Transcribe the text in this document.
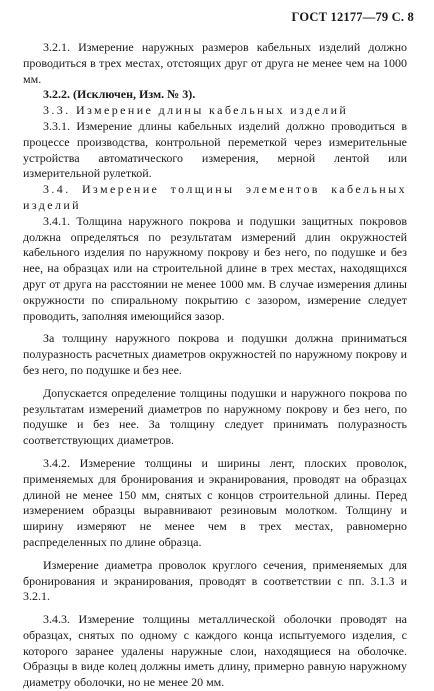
ГОСТ 12177—79 С. 8

3.2.1. Измерение наружных размеров кабельных изделий должно проводиться в трех местах, отстоящих друг от друга не менее чем на 1000 мм.

3.2.2. (Исключен, Изм. № 3).

3.3. Измерение длины кабельных изделий

3.3.1. Измерение длины кабельных изделий должно проводиться в процессе производства, контрольной переметкой через измерительные устройства автоматического измерения, мерной лентой или измерительной рулеткой.

3.4. Измерение толщины элементов кабельных изделий

3.4.1. Толщина наружного покрова и подушки защитных покровов должна определяться по результатам измерений длин окружностей кабельного изделия по наружному покрову и без него, по подушке и без нее, на образцах или на строительной длине в трех местах, находящихся друг от друга на расстоянии не менее 1000 мм. В случае измерения длины окружности по спиральному покрытию с зазором, измерение следует проводить, заполняя имеющийся зазор.

За толщину наружного покрова и подушки должна приниматься полуразность расчетных диаметров окружностей по наружному покрову и без него, по подушке и без нее.

Допускается определение толщины подушки и наружного покрова по результатам измерений диаметров по наружному покрову и без него, по подушке и без нее. За толщину следует принимать полуразность соответствующих диаметров.

3.4.2. Измерение толщины и ширины лент, плоских проволок, применяемых для бронирования и экранирования, проводят на образцах длиной не менее 150 мм, снятых с концов строительной длины. Перед измерением образцы выравнивают резиновым молотком. Толщину и ширину измеряют не менее чем в трех местах, равномерно распределенных по длине образца.

Измерение диаметра проволок круглого сечения, применяемых для бронирования и экранирования, проводят в соответствии с пп. 3.1.3 и 3.2.1.

3.4.3. Измерение толщины металлической оболочки проводят на образцах, снятых по одному с каждого конца испытуемого изделия, с которого заранее удалены наружные слои, находящиеся на оболочке. Образцы в виде колец должны иметь длину, примерно равную наружному диаметру оболочки, но не менее 20 мм.
